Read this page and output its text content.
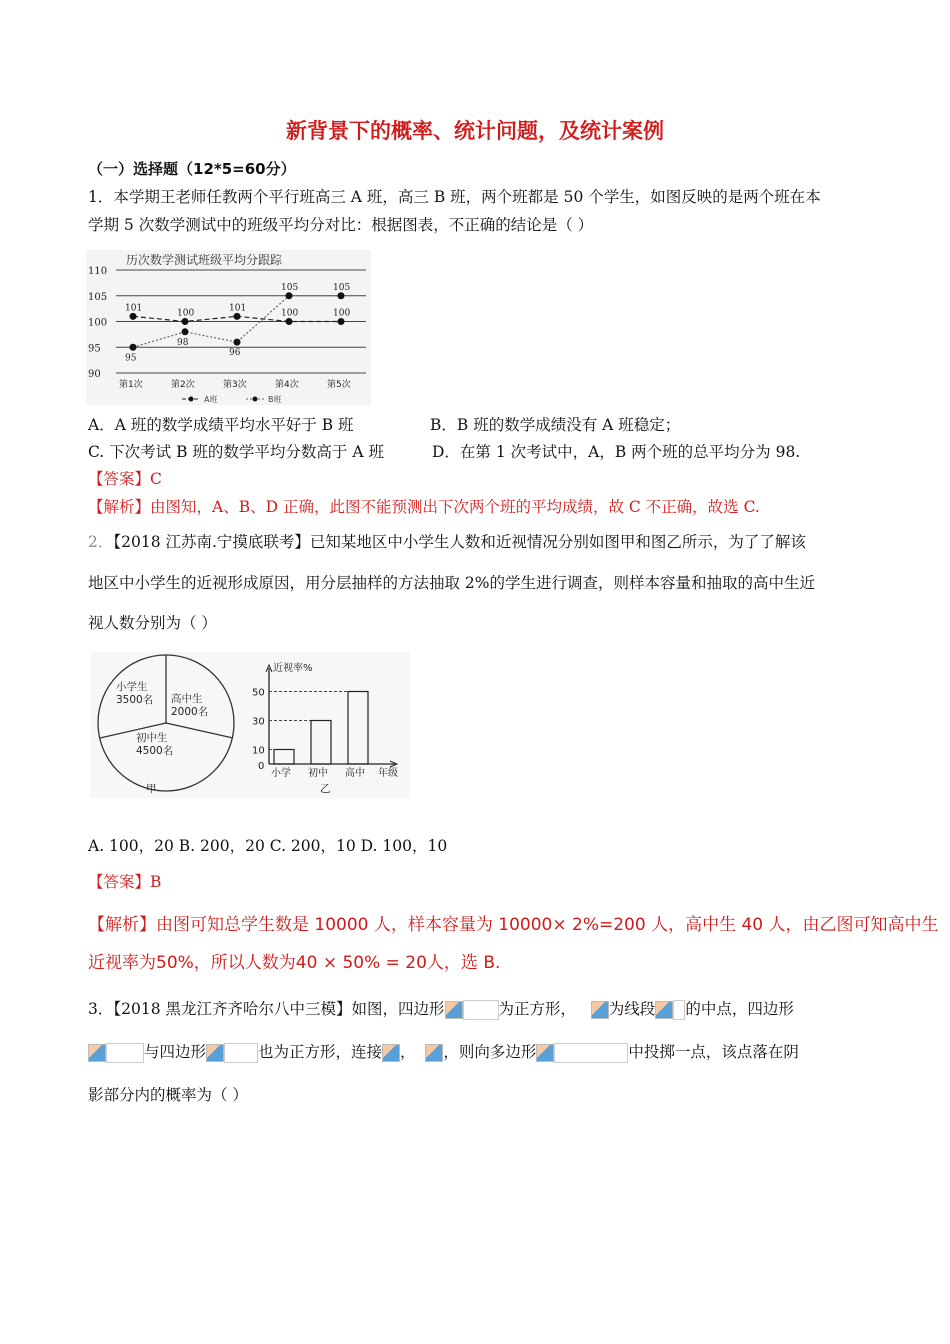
新背景下的概率、统计问题，及统计案例
（一）选择题（12*5=60分）
1．本学期王老师任教两个平行班高三 A 班，高三 B 班，两个班都是 50 个学生，如图反映的是两个班在本
学期 5 次数学测试中的班级平均分对比：根据图表，不正确的结论是（ ）
90
95
100
105
110
历次数学测试班级平均分跟踪
第1次	第2次	第3次	第4次	第5次
101
100
101
100	100
95
98
96
105	105
A班	B班
A．A 班的数学成绩平均水平好于 B 班	B．B 班的数学成绩没有 A 班稳定；
C. 下次考试 B 班的数学平均分数高于 A 班	D．在第 1 次考试中，A，B 两个班的总平均分为 98.
【答案】C
【解析】由图知，A、B、D 正确，此图不能预测出下次两个班的平均成绩，故 C 不正确，故选 C.
2．【2018 江苏南.宁摸底联考】已知某地区中小学生人数和近视情况分别如图甲和图乙所示，为了了解该
地区中小学生的近视形成原因，用分层抽样的方法抽取 2%的学生进行调查，则样本容量和抽取的高中生近
视人数分别为（ ）
小学生
3500名 高中生
2000名
初中生
4500名
甲
近视率%
小学 初中 高中
50
30
10
0
年级
乙
A. 100，20 B. 200，20 C. 200，10 D. 100，10
【答案】B
【解析】由图可知总学生数是 10000 人，样本容量为 10000× 2%=200 人，高中生 40 人，由乙图可知高中生
近视率为50%，所以人数为40 × 50% = 20人，选 B.
3．【2018 黑龙江齐齐哈尔八中三模】如图，四边形	为正方形， 为线段 的中点，四边形
与四边形	也为正方形，连接 ， ，则向多边形	中投掷一点，该点落在阴
影部分内的概率为（ ）
